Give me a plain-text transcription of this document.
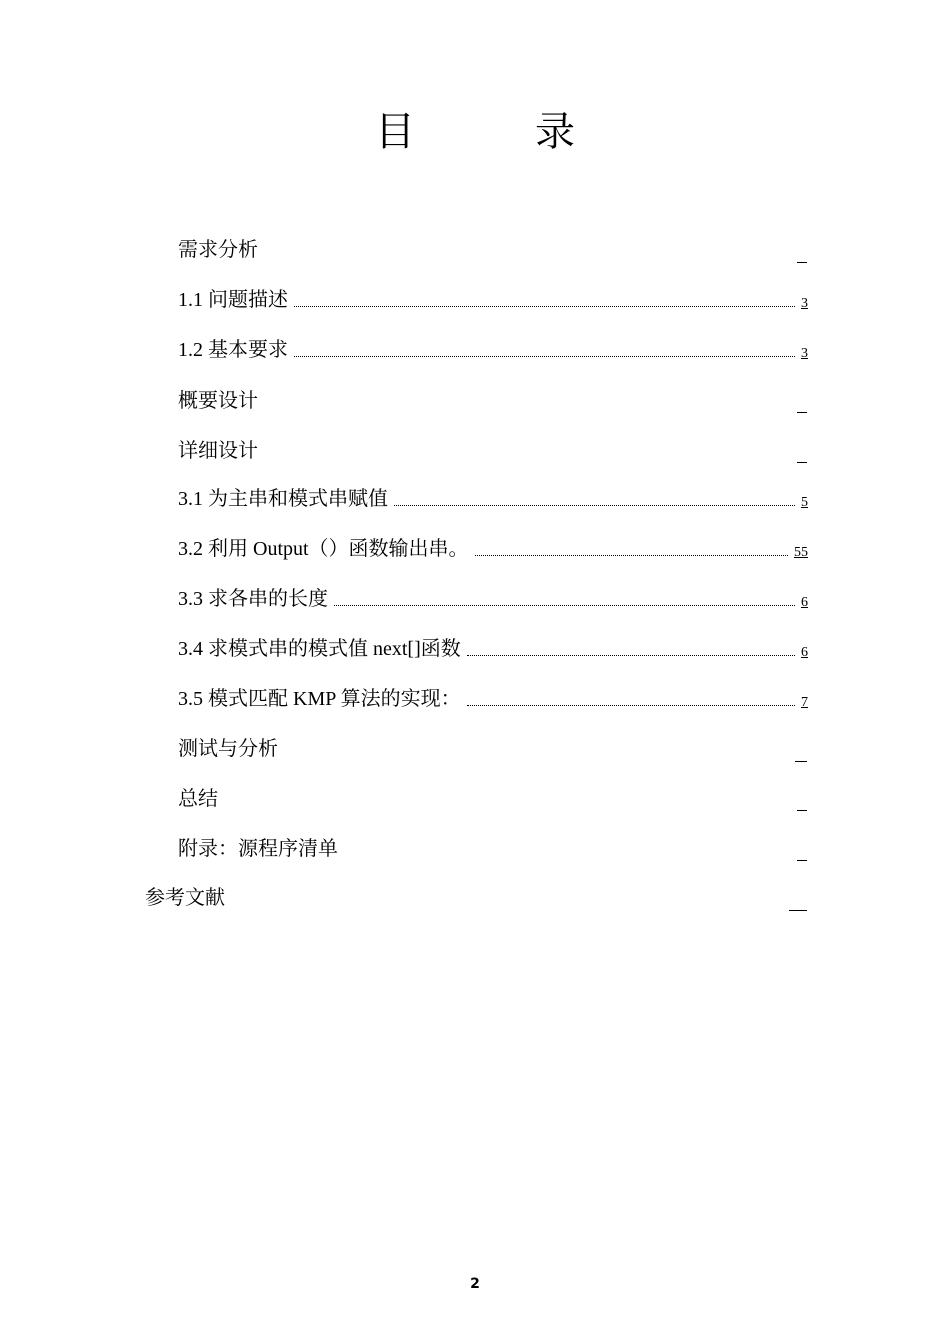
目　录
需求分析
1.1 问题描述	3
1.2 基本要求	3
概要设计
详细设计
3.1 为主串和模式串赋值	5
3.2 利用 Output（）函数输出串。	55
3.3 求各串的长度	6
3.4 求模式串的模式值 next[]函数	6
3.5 模式匹配 KMP 算法的实现：	7
测试与分析
总结
附录：源程序清单
参考文献
2
